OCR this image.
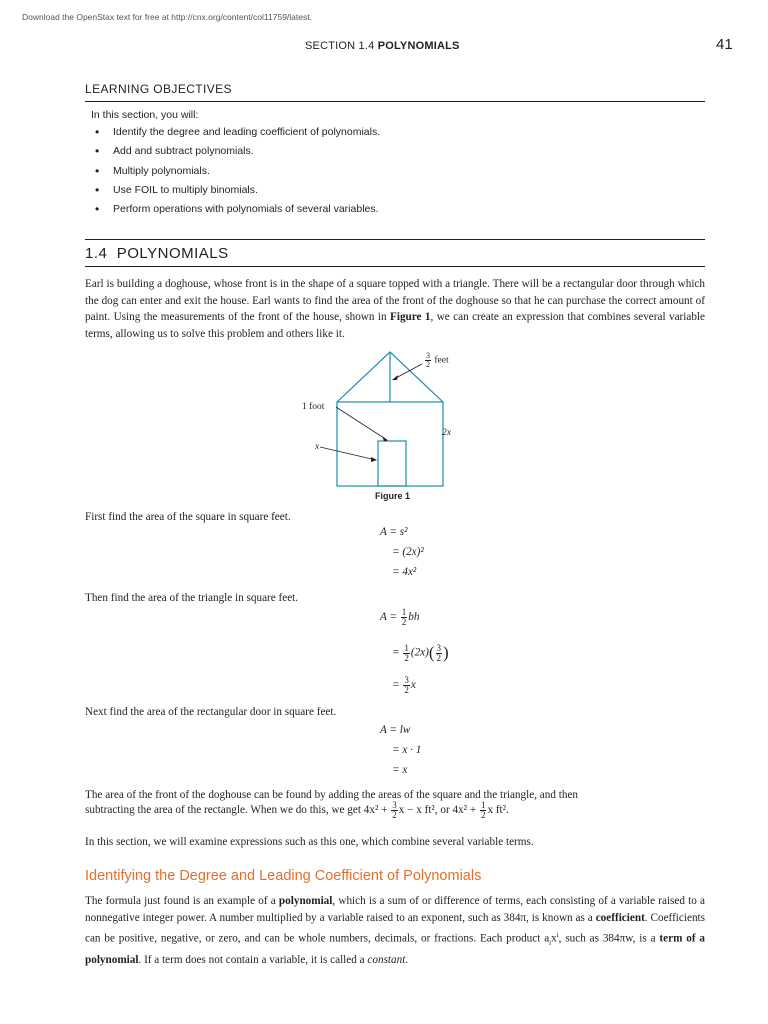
Download the OpenStax text for free at http://cnx.org/content/col11759/latest.
SECTION 1.4 POLYNOMIALS	41
LEARNING OBJECTIVES
In this section, you will:
• Identify the degree and leading coefficient of polynomials.
• Add and subtract polynomials.
• Multiply polynomials.
• Use FOIL to multiply binomials.
• Perform operations with polynomials of several variables.
1.4 POLYNOMIALS
Earl is building a doghouse, whose front is in the shape of a square topped with a triangle. There will be a rectangular door through which the dog can enter and exit the house. Earl wants to find the area of the front of the doghouse so that he can purchase the correct amount of paint. Using the measurements of the front of the house, shown in Figure 1, we can create an expression that combines several variable terms, allowing us to solve this problem and others like it.
$\frac{3}{2}$ feet
1 foot
x
2x
Figure 1
First find the area of the square in square feet.
A = s²
= (2x)²
= 4x²
Then find the area of the triangle in square feet.
$A = \frac{1}{2}$ bh
= $\frac{1}{2} (2x)( \frac{3}{2}$ )
= $\frac{3}{2}$ x
Next find the area of the rectangular door in square feet.
A = lw
= x · 1
= x
The area of the front of the doghouse can be found by adding the areas of the square and the triangle, and then
subtracting the area of the rectangle. When we do this, we get $4x^2 + \frac{3}{2}$ x − x ft², or $4x^2 + \frac{1}{2}$ x ft².
In this section, we will examine expressions such as this one, which combine several variable terms.
Identifying the Degree and Leading Coefficient of Polynomials
The formula just found is an example of a polynomial, which is a sum of or difference of terms, each consisting of a variable raised to a nonnegative integer power. A number multiplied by a variable raised to an exponent, such as 384π, is known as a coefficient. Coefficients can be positive, negative, or zero, and can be whole numbers, decimals, or fractions. Each product $a_ix^i$, such as 384πw, is a term of a polynomial. If a term does not contain a variable, it is called a constant.
